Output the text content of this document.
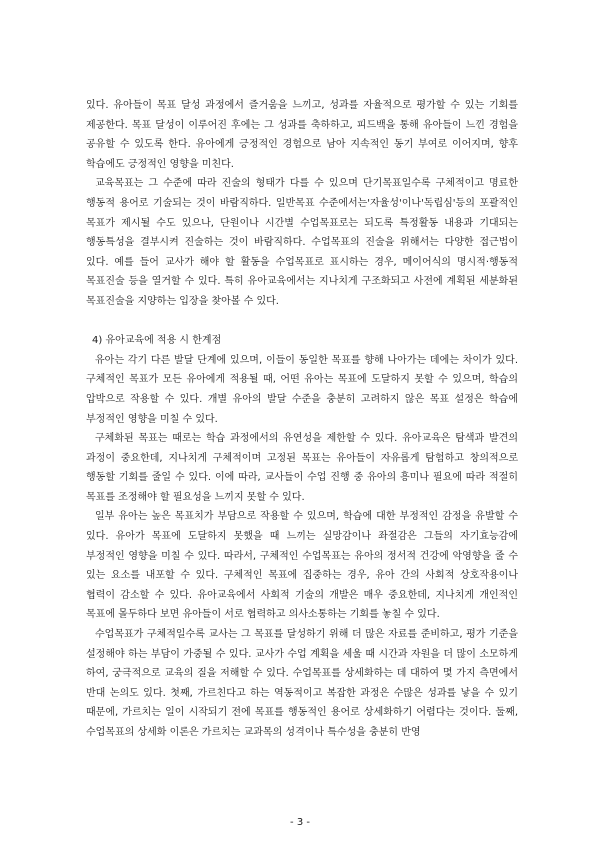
있다. 유아들이 목표 달성 과정에서 즐거움을 느끼고, 성과를 자율적으로 평가할 수 있는 기회를 제공한다. 목표 달성이 이루어진 후에는 그 성과를 축하하고, 피드백을 통해 유아들이 느낀 경험을 공유할 수 있도록 한다. 유아에게 긍정적인 경험으로 남아 지속적인 동기 부여로 이어지며, 향후 학습에도 긍정적인 영향을 미친다.

교육목표는 그 수준에 따라 진술의 형태가 다를 수 있으며 단기목표일수록 구체적이고 명료한 행동적 용어로 기술되는 것이 바람직하다. 일반목표 수준에서는'자율성'이나'독립심'등의 포괄적인 목표가 제시될 수도 있으나, 단원이나 시간별 수업목표로는 되도록 특정활동 내용과 기대되는 행동특성을 결부시켜 진술하는 것이 바람직하다. 수업목표의 진술을 위해서는 다양한 접근법이 있다. 예를 들어 교사가 해야 할 활동을 수업목표로 표시하는 경우, 메이어식의 명시적·행동적 목표진술 등을 열거할 수 있다. 특히 유아교육에서는 지나치게 구조화되고 사전에 계획된 세분화된 목표진술을 지양하는 입장을 찾아볼 수 있다.

4) 유아교육에 적용 시 한계점

유아는 각기 다른 발달 단계에 있으며, 이들이 동일한 목표를 향해 나아가는 데에는 차이가 있다. 구체적인 목표가 모든 유아에게 적용될 때, 어떤 유아는 목표에 도달하지 못할 수 있으며, 학습의 압박으로 작용할 수 있다. 개별 유아의 발달 수준을 충분히 고려하지 않은 목표 설정은 학습에 부정적인 영향을 미칠 수 있다.

구체화된 목표는 때로는 학습 과정에서의 유연성을 제한할 수 있다. 유아교육은 탐색과 발견의 과정이 중요한데, 지나치게 구체적이며 고정된 목표는 유아들이 자유롭게 탐험하고 창의적으로 행동할 기회를 줄일 수 있다. 이에 따라, 교사들이 수업 진행 중 유아의 흥미나 필요에 따라 적절히 목표를 조정해야 할 필요성을 느끼지 못할 수 있다.

일부 유아는 높은 목표치가 부담으로 작용할 수 있으며, 학습에 대한 부정적인 감정을 유발할 수 있다. 유아가 목표에 도달하지 못했을 때 느끼는 실망감이나 좌절감은 그들의 자기효능감에 부정적인 영향을 미칠 수 있다. 따라서, 구체적인 수업목표는 유아의 정서적 건강에 악영향을 줄 수 있는 요소를 내포할 수 있다. 구체적인 목표에 집중하는 경우, 유아 간의 사회적 상호작용이나 협력이 감소할 수 있다. 유아교육에서 사회적 기술의 개발은 매우 중요한데, 지나치게 개인적인 목표에 몰두하다 보면 유아들이 서로 협력하고 의사소통하는 기회를 놓칠 수 있다.

수업목표가 구체적일수록 교사는 그 목표를 달성하기 위해 더 많은 자료를 준비하고, 평가 기준을 설정해야 하는 부담이 가중될 수 있다. 교사가 수업 계획을 세울 때 시간과 자원을 더 많이 소모하게 하여, 궁극적으로 교육의 질을 저해할 수 있다. 수업목표를 상세화하는 데 대하여 몇 가지 측면에서 반대 논의도 있다. 첫째, 가르친다고 하는 역동적이고 복잡한 과정은 수많은 성과를 낳을 수 있기 때문에, 가르치는 일이 시작되기 전에 목표를 행동적인 용어로 상세화하기 어렵다는 것이다. 둘째, 수업목표의 상세화 이론은 가르치는 교과목의 성격이나 특수성을 충분히 반영

- 3 -
